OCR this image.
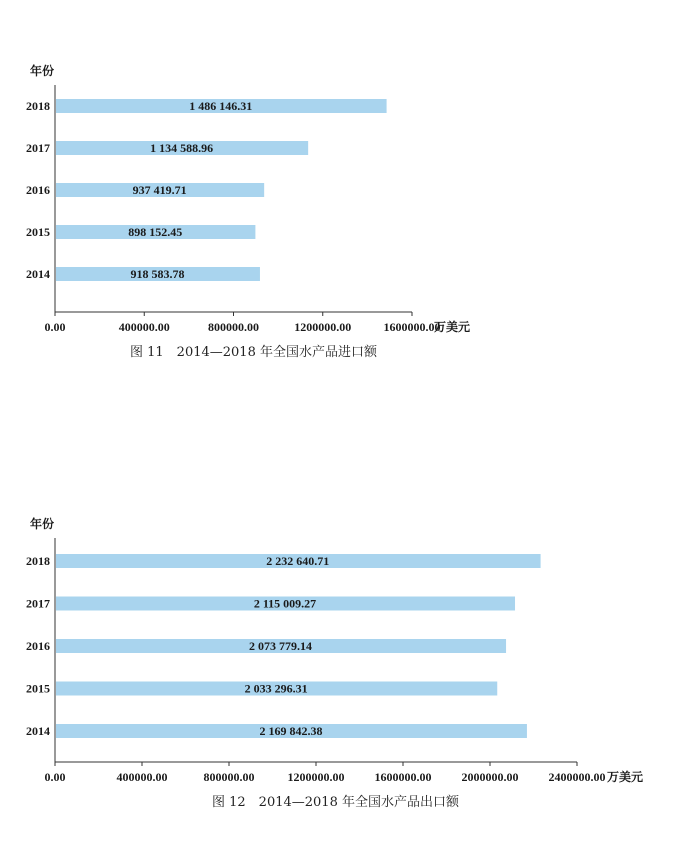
年份
0.00	400000.00	800000.00	1200000.00	1600000.00
万美元
2018	1 486 146.31
2017	1 134 588.96
2016	937 419.71
2015	898 152.45
2014	918 583.78
图 11　2014—2018 年全国水产品进口额
年份
0.00	400000.00	800000.00	1200000.00	1600000.00	2000000.00	2400000.00 万美元
2018	2 232 640.71
2017	2 115 009.27
2016	2 073 779.14
2015	2 033 296.31
2014	2 169 842.38
图 12　2014—2018 年全国水产品出口额
